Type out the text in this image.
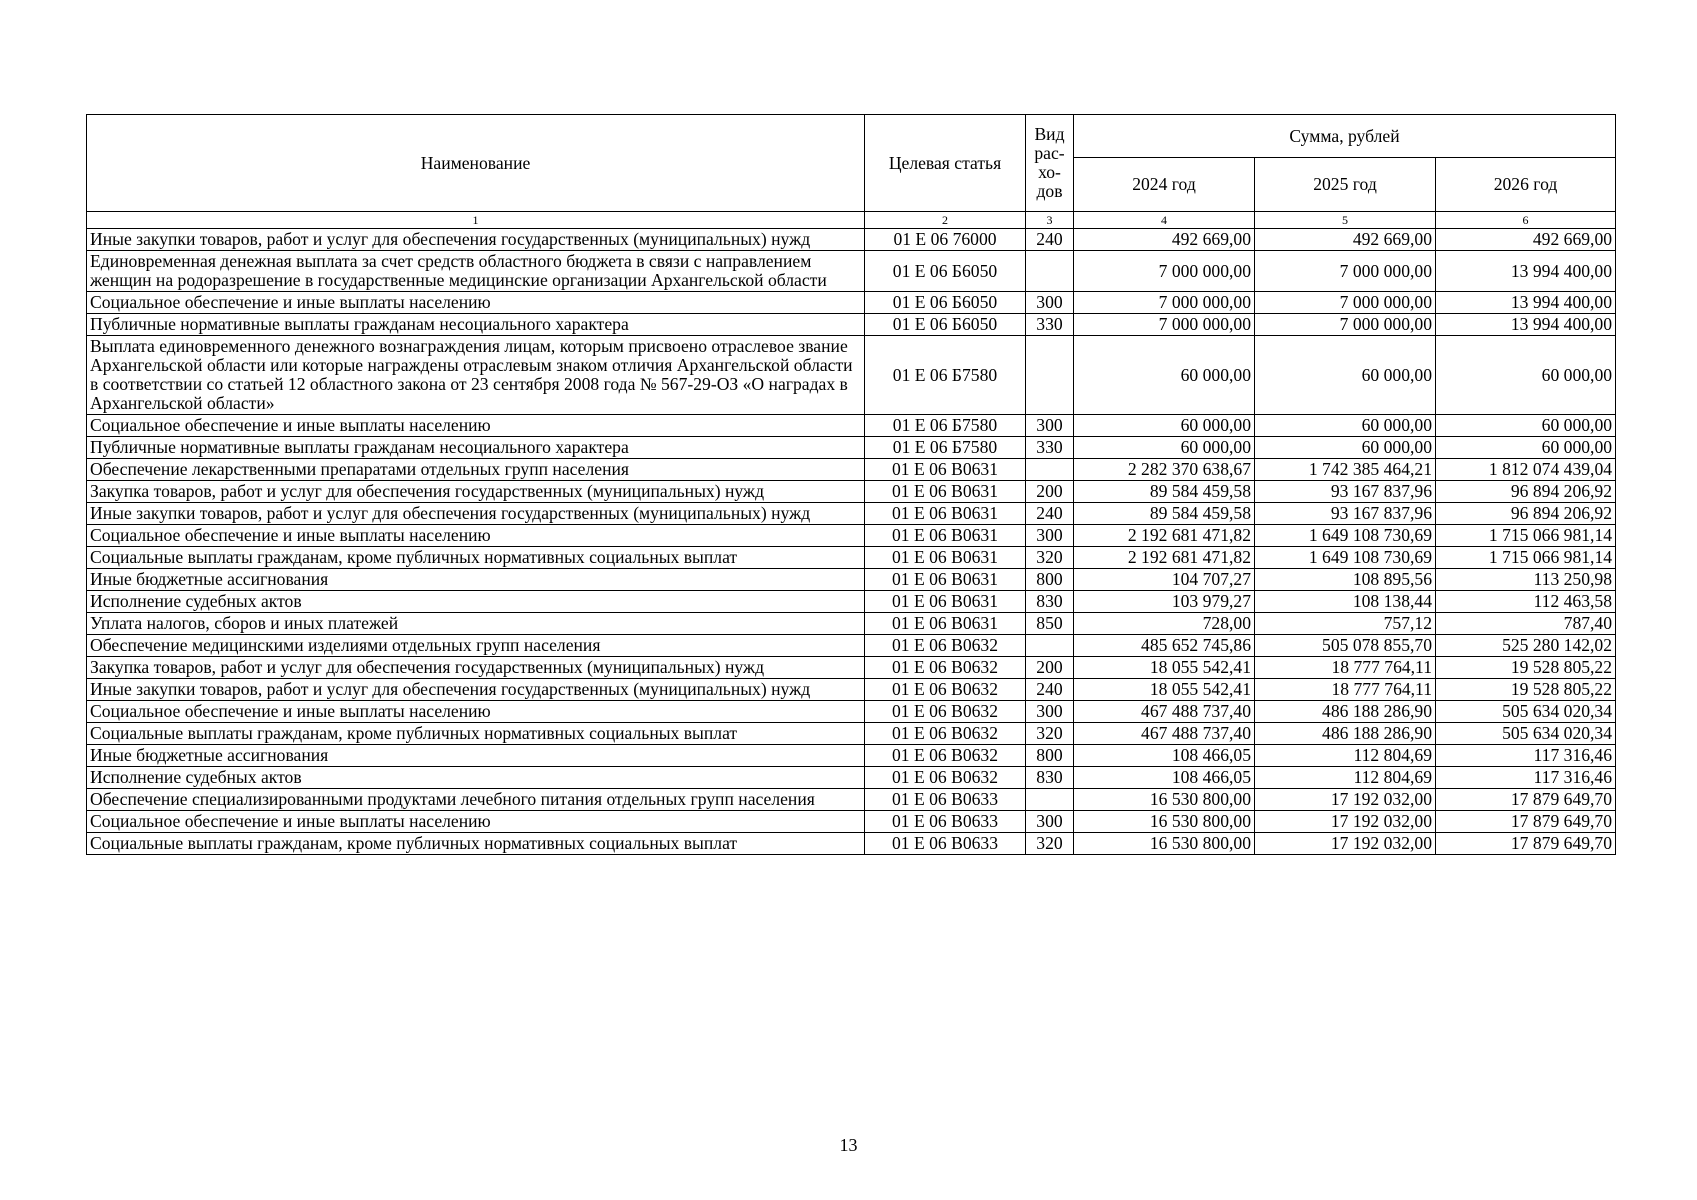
Наименование	Целевая статья	Вид рас-хо-дов	Сумма, рублей		
			2024 год	2025 год	2026 год
1	2	3	4	5	6
Иные закупки товаров, работ и услуг для обеспечения государственных (муниципальных) нужд	01 Е 06 76000	240	492 669,00	492 669,00	492 669,00
Единовременная денежная выплата за счет средств областного бюджета в связи с направлением женщин на родоразрешение в государственные медицинские организации Архангельской области	01 Е 06 Б6050		7 000 000,00	7 000 000,00	13 994 400,00
Социальное обеспечение и иные выплаты населению	01 Е 06 Б6050	300	7 000 000,00	7 000 000,00	13 994 400,00
Публичные нормативные выплаты гражданам несоциального характера	01 Е 06 Б6050	330	7 000 000,00	7 000 000,00	13 994 400,00
Выплата единовременного денежного вознаграждения лицам, которым присвоено отраслевое звание Архангельской области или которые награждены отраслевым знаком отличия Архангельской области в соответствии со статьей 12 областного закона от 23 сентября 2008 года № 567-29-ОЗ «О наградах в Архангельской области»	01 Е 06 Б7580		60 000,00	60 000,00	60 000,00
Социальное обеспечение и иные выплаты населению	01 Е 06 Б7580	300	60 000,00	60 000,00	60 000,00
Публичные нормативные выплаты гражданам несоциального характера	01 Е 06 Б7580	330	60 000,00	60 000,00	60 000,00
Обеспечение лекарственными препаратами отдельных групп населения	01 Е 06 В0631		2 282 370 638,67	1 742 385 464,21	1 812 074 439,04
Закупка товаров, работ и услуг для обеспечения государственных (муниципальных) нужд	01 Е 06 В0631	200	89 584 459,58	93 167 837,96	96 894 206,92
Иные закупки товаров, работ и услуг для обеспечения государственных (муниципальных) нужд	01 Е 06 В0631	240	89 584 459,58	93 167 837,96	96 894 206,92
Социальное обеспечение и иные выплаты населению	01 Е 06 В0631	300	2 192 681 471,82	1 649 108 730,69	1 715 066 981,14
Социальные выплаты гражданам, кроме публичных нормативных социальных выплат	01 Е 06 В0631	320	2 192 681 471,82	1 649 108 730,69	1 715 066 981,14
Иные бюджетные ассигнования	01 Е 06 В0631	800	104 707,27	108 895,56	113 250,98
Исполнение судебных актов	01 Е 06 В0631	830	103 979,27	108 138,44	112 463,58
Уплата налогов, сборов и иных платежей	01 Е 06 В0631	850	728,00	757,12	787,40
Обеспечение медицинскими изделиями отдельных групп населения	01 Е 06 В0632		485 652 745,86	505 078 855,70	525 280 142,02
Закупка товаров, работ и услуг для обеспечения государственных (муниципальных) нужд	01 Е 06 В0632	200	18 055 542,41	18 777 764,11	19 528 805,22
Иные закупки товаров, работ и услуг для обеспечения государственных (муниципальных) нужд	01 Е 06 В0632	240	18 055 542,41	18 777 764,11	19 528 805,22
Социальное обеспечение и иные выплаты населению	01 Е 06 В0632	300	467 488 737,40	486 188 286,90	505 634 020,34
Социальные выплаты гражданам, кроме публичных нормативных социальных выплат	01 Е 06 В0632	320	467 488 737,40	486 188 286,90	505 634 020,34
Иные бюджетные ассигнования	01 Е 06 В0632	800	108 466,05	112 804,69	117 316,46
Исполнение судебных актов	01 Е 06 В0632	830	108 466,05	112 804,69	117 316,46
Обеспечение специализированными продуктами лечебного питания отдельных групп населения	01 Е 06 В0633		16 530 800,00	17 192 032,00	17 879 649,70
Социальное обеспечение и иные выплаты населению	01 Е 06 В0633	300	16 530 800,00	17 192 032,00	17 879 649,70
Социальные выплаты гражданам, кроме публичных нормативных социальных выплат	01 Е 06 В0633	320	16 530 800,00	17 192 032,00	17 879 649,70
13
